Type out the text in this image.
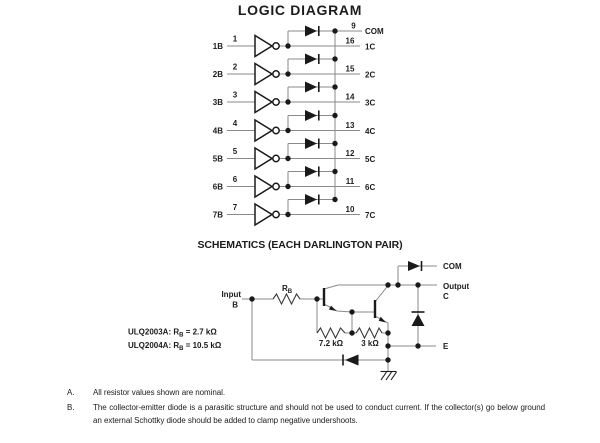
LOGIC DIAGRAM
SCHEMATICS (EACH DARLINGTON PAIR)
9
COM
1B
1	16
1C
2B
2	15
2C
3B
3	14
3C
4B
4	13
4C
5B
5	12
5C
6B
6	11
6C
7B
7	10
7C
Input
B
$R_B$
7.2 kΩ 3 kΩ
COM
Output
C
E
ULQ2003A: $R_B = 2.7$ kΩ
ULQ2004A: $R_B = 10.5$ kΩ
A.	All resistor values shown are nominal.
B.	The collector-emitter diode is a parasitic structure and should not be used to conduct current. If the collector(s) go below ground an external Schottky diode should be added to clamp negative undershoots.
